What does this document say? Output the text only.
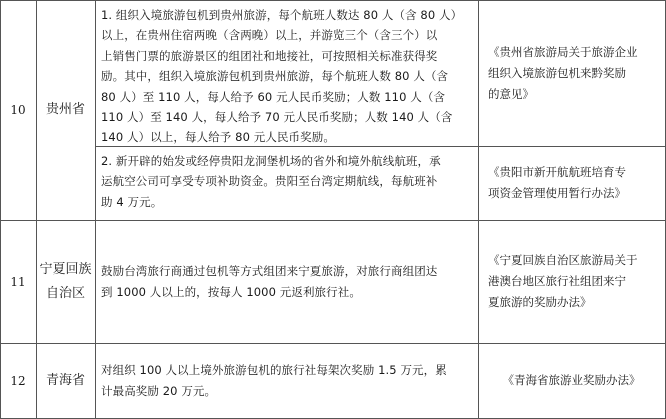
10	贵州省
1. 组织入境旅游包机到贵州旅游，每个航班人数达 80 人（含 80 人）
以上，在贵州住宿两晚（含两晚）以上，并游览三个（含三个）以
上销售门票的旅游景区的组团社和地接社，可按照相关标准获得奖
励。其中，组织入境旅游包机到贵州旅游，每个航班人数 80 人（含
80 人）至 110 人，每人给予 60 元人民币奖励；人数 110 人（含
110 人）至 140 人，每人给予 70 元人民币奖励；人数 140 人（含
140 人）以上，每人给予 80 元人民币奖励。
《贵州省旅游局关于旅游企业
组织入境旅游包机来黔奖励
的意见》
2. 新开辟的始发或经停贵阳龙洞堡机场的省外和境外航线航班，承
运航空公司可享受专项补助资金。贵阳至台湾定期航线，每航班补
助 4 万元。
《贵阳市新开航航班培育专
项资金管理使用暂行办法》
11
宁夏回族
自治区
鼓励台湾旅行商通过包机等方式组团来宁夏旅游，对旅行商组团达
到 1000 人以上的，按每人 1000 元返利旅行社。
《宁夏回族自治区旅游局关于
港澳台地区旅行社组团来宁
夏旅游的奖励办法》
12	青海省
对组织 100 人以上境外旅游包机的旅行社每架次奖励 1.5 万元，累
计最高奖励 20 万元。
《青海省旅游业奖励办法》
